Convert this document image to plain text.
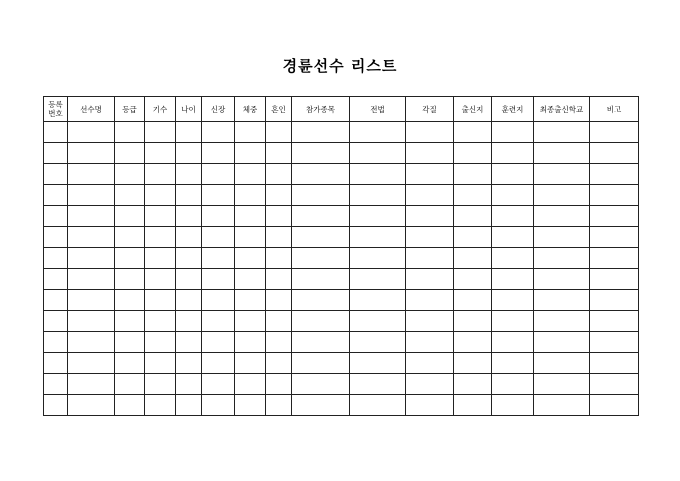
경륜선수 리스트
등록
번호	선수명	등급	기수	나이	신장	체중	혼인	참가종목	전법	각질	출신지	훈련지	최종출신학교	비고
